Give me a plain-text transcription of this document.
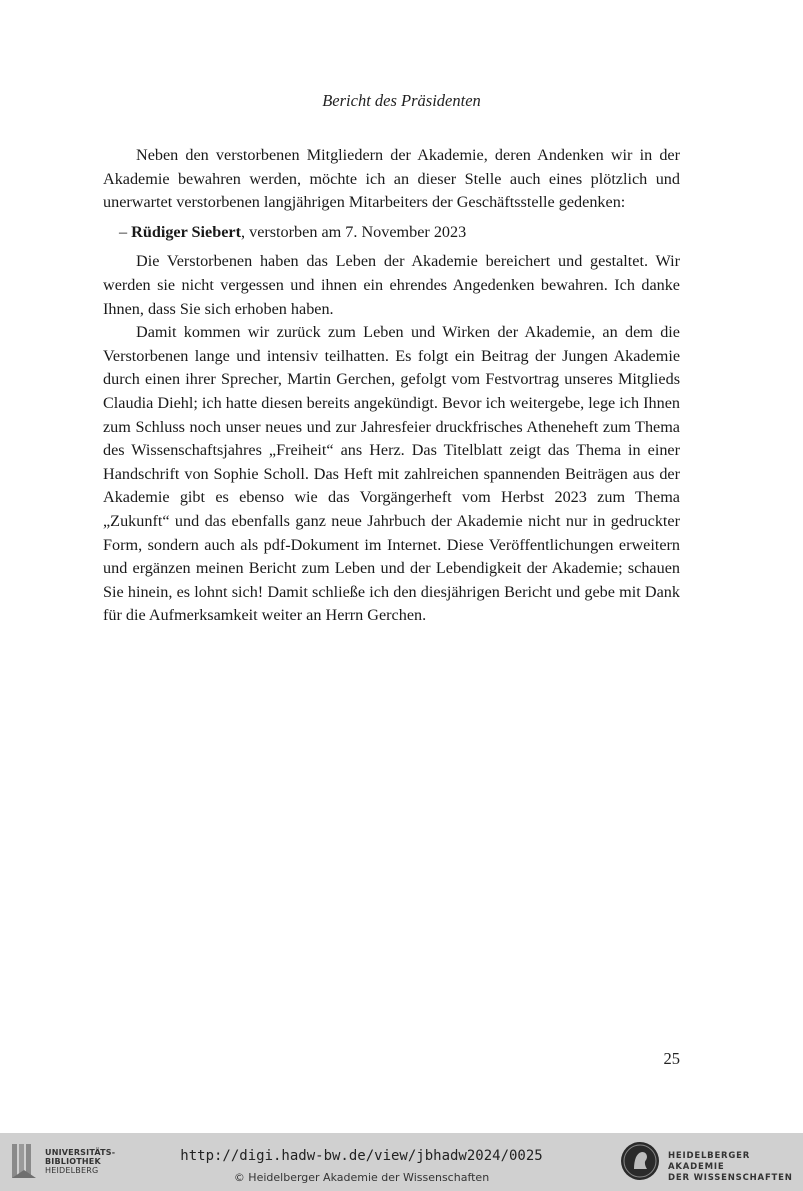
Bericht des Präsidenten

Neben den verstorbenen Mitgliedern der Akademie, deren Andenken wir in der Akademie bewahren werden, möchte ich an dieser Stelle auch eines plötzlich und unerwartet verstorbenen langjährigen Mitarbeiters der Geschäftsstelle gedenken:

– Rüdiger Siebert, verstorben am 7. November 2023

Die Verstorbenen haben das Leben der Akademie bereichert und gestaltet. Wir werden sie nicht vergessen und ihnen ein ehrendes Angedenken bewahren. Ich danke Ihnen, dass Sie sich erhoben haben.

Damit kommen wir zurück zum Leben und Wirken der Akademie, an dem die Verstorbenen lange und intensiv teilhatten. Es folgt ein Beitrag der Jungen Akademie durch einen ihrer Sprecher, Martin Gerchen, gefolgt vom Festvortrag unseres Mitglieds Claudia Diehl; ich hatte diesen bereits angekündigt. Bevor ich weitergebe, lege ich Ihnen zum Schluss noch unser neues und zur Jahresfeier druckfrisches Atheneheft zum Thema des Wissenschaftsjahres „Freiheit“ ans Herz. Das Titelblatt zeigt das Thema in einer Handschrift von Sophie Scholl. Das Heft mit zahlreichen spannenden Beiträgen aus der Akademie gibt es ebenso wie das Vorgängerheft vom Herbst 2023 zum Thema „Zukunft“ und das ebenfalls ganz neue Jahrbuch der Akademie nicht nur in gedruckter Form, sondern auch als pdf-Dokument im Internet. Diese Veröffentlichungen erweitern und ergänzen meinen Bericht zum Leben und der Lebendigkeit der Akademie; schauen Sie hinein, es lohnt sich! Damit schließe ich den diesjährigen Bericht und gebe mit Dank für die Aufmerksamkeit weiter an Herrn Gerchen.

25
UNIVERSITÄTS-
BIBLIOTHEK
HEIDELBERG
http://digi.hadw-bw.de/view/jbhadw2024/0025
© Heidelberger Akademie der Wissenschaften
HEIDELBERGER AKADEMIE
DER WISSENSCHAFTEN
